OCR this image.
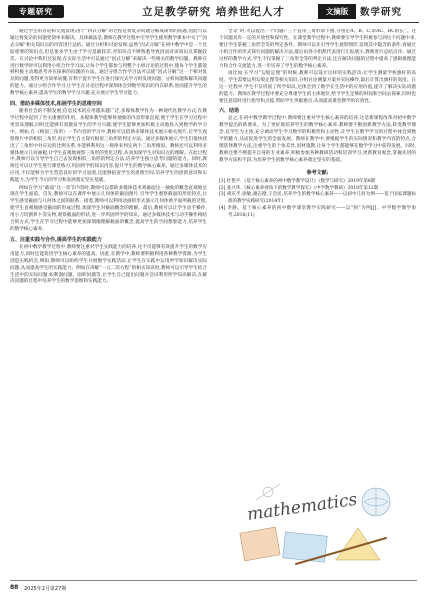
专题研究	立足教学研究 培养世纪人才	文摘版	数学研究

通过学生的讨论和交流发现:由于“四式分解”的过程是将复杂问题分解成简单的问题,因此可以通过将复杂的问题变简单来解决。具体做法是,教师在教学过程中引导学生使用数学课本中关于“因式分解”相关知识点的内容进行总结。通过分析和讨论发现:虽然“因式分解”在初中数学中是一个比较重要的知识点,但是很多学生由于学习基础较差,对知识点不够熟悉导致因而对该知识点掌握较差。在讨论中我们还发现:在实际生活中可以通过“因式分解”来解决一些相关的数学问题。教师在进行数学时可以利用小组合作学习法,让每个学生都参与到整个小组讨论的过程中,使每个学生都能够积极主动地思考并在探索的问题的方法。通过分组合作学习法可以使“因式分解”这一个相对复杂的问题,变得更为简单易懂,有利于提升学生在进行探究式学习时发现问题、分析问题和解决问题的能力。通过小组合作学习,让学生在讨论过程中深刻体会到数学知识的内在联系,进而提升学生的数学核心素养,提高学生的数学学习兴趣,充分展示学生学习能力。

四、借助多媒体技术,拓展学生的思维空间

随着社会的不断发展,信息技术的应用越来越广泛,多媒体教学作为一种现代化教学方式,在教学过程中起到了至关重要的作用。多媒体教学能够将抽象的内容形象直观,便于学生在学习过程中更容易理解,同时还能够有效激发学生的学习兴趣,使学生能够更加积极主动地投入到数学的学习中。例如,在《相似三角形》一节内容的学习中,教师可以借助多媒体技术展示相关图片,让学生观察图片中的相似三角形,再让学生自主探究相似三角形的判定方法。通过多媒体展示,学生们很快找出了三角形中对应边的比例关系,并能够利用这一规律来判定两个三角形相似。教师还可以利用多媒体展示几何画板,让学生直观地观察三角形的变化过程,从而加深学生对知识点的理解。在此过程中,教师可以引导学生自己去发现相似三角形的判定方法,培养学生独立思考问题的能力。同时,教师还可以让学生进行课堂练习,巩固所学的知识内容,提升学生的数学核心素养。通过多媒体技术的应用,不仅能够为学生营造良好的学习氛围,还能够拓宽学生的思维空间,培养学生的创新意识和实践能力,为学生今后的学习和发展奠定坚实基础。

例如在学习“截面”这一章节内容时,教师可以借助多媒体技术将截面这一抽象的概念直观地呈现在学生面前。首先,教师可以在课件中展示几何体的截面图片,引导学生观察截面的形状特点,让学生感受截面与几何体之间的联系。接着,教师可以利用动画的形式演示几何体被平面所截的过程,使学生直观地感受截面的形成过程,加深学生对截面概念的理解。最后,教师可以让学生动手操作,用小刀切割萝卜等实物,观察截面的形状,进一步巩固所学的知识。通过多媒体技术与动手操作相结合的方式,学生在学习过程中能够更加深刻地理解截面的概念,提高学生的空间想象能力,培养学生的数学核心素养。

五、注重实践与合作,提高学生的实践能力

在初中数学教学过程中,教师要注重对学生实践能力的培养,这不仅能够有效提升学生的数学应用能力,同时还能促进学生核心素养的提高。因此,在教学中,教师要积极利用各种教学资源,为学生创造实践机会,例如,教师可以组织学生开展数学实践活动,让学生在实践中运用所学知识解决实际问题,从而提高学生的实践能力。例如在讲解“一元二次方程”的相关知识时,教师可以引导学生结合生活中的实际问题,如利润问题、面积问题等,让学生自己提出问题并尝试利用所学知识解决,在解决问题的过程中培养学生的数学思维和实践能力。

全等”时,可以提出一个问题:“三个直角三角形如下图,分别是A、B、C,求AC、BC的长”。这个问题具有一定的开放性和探究性。在课堂教学过程中,教师要引导学生积极参与到这个问题中来,要让学生掌握三角形全等的判定条件。教师可以先引导学生观察图形,发现其中隐含的条件,再通过小组合作的形式探究问题的解决方法,最后由各小组派代表进行汇报展示,教师进行总结点评。通过这样的教学方式,学生不仅掌握了三角形全等的判定方法,还在解决问题的过程中提高了逻辑推理能力和合作交流能力,进一步培养了学生的数学核心素养。

再比如,在学习“勾股定理”的时候,教师可以设计这样的实践活动:让学生测量学校旗杆的高度。学生需要运用勾股定理等相关知识,分组讨论测量方案并实际操作,最后计算出旗杆的高度。在这一过程中,学生不仅巩固了所学知识,还体会到了数学在生活中的应用价值,提升了解决实际问题的能力。教师在教学过程中要充分尊重学生的主体地位,给予学生足够的时间和空间去探索,同时也要注意适时进行指导和点拨,帮助学生突破难点,从而提高课堂教学的有效性。

六、结语

总之,在初中数学教学过程中,教师要注重对学生核心素养的培养,这是新课程改革对初中数学教学提出的新要求。为了更好地培养学生的数学核心素养,教师要不断创新教学方法,转变教学理念,以学生为主体,充分调动学生学习数学的积极性和主动性,让学生在数学学习的过程中体会到数学的魅力,从而促进学生的全面发展。教师在教学中,要根据学生的实际情况和教学内容的特点,合理选择教学方法,注重学生的个体差异,因材施教,让每个学生都能够在数学学习中获得发展。同时,教师还要不断提升自身的专业素养,积极参加各种教研活动和培训学习,更新教育观念,掌握先进的教学方法和手段,为培养学生的数学核心素养奠定坚实的基础。

参考文献:
[1] 杜艳平.《基于核心素养的初中数学教学设计》《数学与研究》2019年第8期
[2] 张兴华.《核心素养视角下的数学教学探究》《中学数学教研》2018年第12期
[3] 胡庆平,徐敏,谢志德,王会民,培养学生的数学核心素养——以初中几何为例——基于国家课题标准的教学实践研究(2014年)
[4] 李静。基于核心素养的初中数学课堂教学实践研究——以“圆”为例[J]。中学数学教学参考,2016(11)
mathematics
88 2025年2月第27期
